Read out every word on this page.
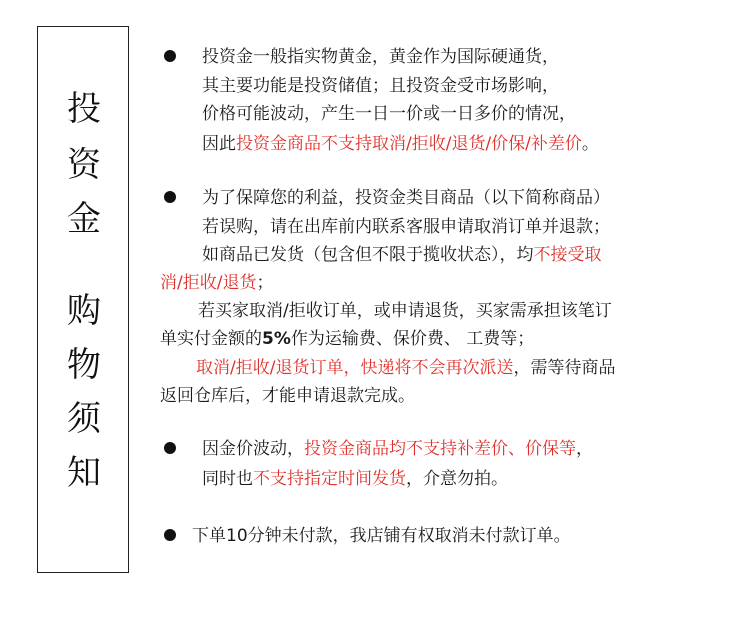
投
资
金
购
物
须
知
投资金一般指实物黄金，黄金作为国际硬通货，
其主要功能是投资储值；且投资金受市场影响，
价格可能波动，产生一日一价或一日多价的情况，
因此投资金商品不支持取消/拒收/退货/价保/补差价。
为了保障您的利益，投资金类目商品（以下简称商品）
若误购，请在出库前内联系客服申请取消订单并退款；
如商品已发货（包含但不限于揽收状态），均不接受取
消/拒收/退货；
若买家取消/拒收订单，或申请退货，买家需承担该笔订
单实付金额的5%作为运输费、保价费、 工费等；
取消/拒收/退货订单，快递将不会再次派送，需等待商品
返回仓库后，才能申请退款完成。
因金价波动，投资金商品均不支持补差价、价保等，
同时也不支持指定时间发货，介意勿拍。
下单10分钟未付款，我店铺有权取消未付款订单。
